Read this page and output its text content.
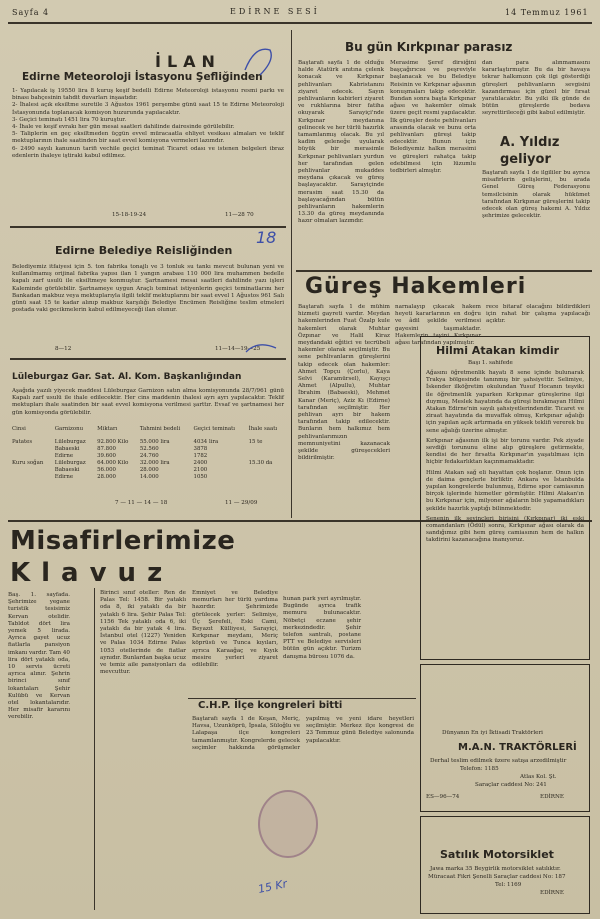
Sayfa 4	EDİRNE SESİ	14 Temmuz 1961
İLAN
Edirne Meteoroloji İstasyonu Şefliğinden
1- Yapılacak iş 19550 lira 8 kuruş keşif bedelli Edirne Meteoroloji istasyonu resmi parkı ve binası bahçesinin tahdit duvarları inşaatıdır.
2- İhalesi açık eksiltme suretile 3 Ağustos 1961 perşembe günü saat 15 te Edirne Meteoroloji İstasyonunda toplanacak komisyon huzurunda yapılacaktır.
3- Geçici teminatı 1451 lira 70 kuruştur.
4- İhale ve keşif evrakı her gün mesai saatleri dahilinde dairesinde görülebilir.
5- Taliplerin en geç eksiltmeden üçgün evvel müracaatla ehliyet vesikası almaları ve teklif mektuplarının ihale saatinden bir saat evvel komisyona vermeleri lazımdır.
6- 2490 sayılı kanunun tarifi vechile geçici teminat Ticaret odası ve istenen belgeleri ibraz edenlerin ihaleye iştiraki kabul edilmez.
15-18-19-24	11—28 70
Edirne Belediye Reisliğinden
Belediyemiz itfaiyesi için 5. ton fabrika tonajlı ve 3 tonluk su tankı mevcut bulunan yeni ve kullanılmamış orijinal fabrika yapısı ilan 1 yangın arabası 110 000 lira muhammen bedelle kapalı zarf usulü ile eksiltmeye konmuştur. Şartnamesi mesai saatleri dahilinde yazı işleri Kaleminde görülebilir. Şartnameye uygun Araçlı teminat istiyenlerin geçici teminatlarını her Bankadan makbuz veya mektuplarıyla ilgili teklif mektuplarını bir saat evvel 1 Ağustos 961 Salı günü saat 15 te kadar alınıp makbuz karşılığı Belediye Encümen Reisliğine teslim etmeleri postada vaki gecikmelerin kabul edilmeyeceği ilan olunur.
8—12	11—14—19—25
Lüleburgaz Gar. Sat. Al. Kom. Başkanlığından
Aşağıda yazılı yiyecek maddesi Lüleburgaz Garnizon satın alma komisyonunda 28/7/961 günü Kapalı zarf usulü ile ihale edilecektir. Her cins maddenin ihalesi ayrı ayrı yapılacaktır. Teklif mektupları ihale saatinden bir saat evvel komisyona verilmesi şarttır. Evsaf ve şartnamesi her gün komisyonda görülebilir.
Cinsi	Garnizonu	Miktarı	Tahmini bedeli	Geçici teminatı	İhale saatı

Patates	Lüleburgaz	92.800 Kilo	55.000 lira	4034 lira	15 te
	Babaeski	87.800	52.560	3878	
	Edirne	39.600	24.760	1782	
Kuru soğan	Lüleburgaz	64.000 Kilo	32.000 lira	2400	15.30 da
	Babaeski	56.000	28.000	2100	
	Edirne	28.000	14.000	1050	
7 — 11 — 14 — 18	11 — 29/09
Bu gün Kırkpınar parasız
Baştarafı sayfa 1 de olduğu halde Atatürk anıtına çelenk konacak ve Kırkpınar pehlivanları Kabristanını ziyaret edecek. Sayın pehlivanların kabirleri ziyaret ve rukhlarına birer fatiha okuyarak Sarayiçi'nde Kırkpınar meydanına gelinecek ve her türlü hazırlık tamamlanmış olacak. Bu yıl kadim geleneğe uyularak büyük bir merasimle Kırkpınar pehlivanları yurdun her tarafından gelen pehlivanlar mukaddes meydana çıkacak ve güreş başlayacaktır. Sarayiçinde merasim saat 15.30 da başlayacağından bütün pehlivanların hakemlerin 13.30 da güreş meydanında hazır olmaları lazımdır.
Merasime Şeref dirsiğini başçağırıcısı ve peşreviyle başlanacak ve bu Belediye Reisinin ve Kırkpınar ağasının konuşmaları takip edecektir. Bundan sonra başta Kırkpınar ağası ve hakemler olmak üzere geçit resmi yapılacaktır. İlk güreşler deste pehlivanları arasında olacak ve bunu orta pehlivanları güreşi takip edecektir. Bunun için Belediyemiz halkın merasimi ve güreşleri rahatça takip edebilmesi için lüzumlu tedbirleri almıştır.
dan para alınmamasını kararlaştırmıştır. Bu da bir havaya tekrar halkımızın çok ilgi gösterdiği güreşleri pehlivanların sevgisini kazandırması için güzel bir fırsat yaratılacaktır. Bu yılki ilk günde de bütün güreşlerde bedava seyrettirileceği gibi kabul edilmiştir.
A. Yıldız geliyor
Baştarafı sayfa 1 de ilgililer bu ayrıca misafirlerin gelişlerini, bu arada Genel Güreş Federasyonu temsilcisinin olarak hükümet tarafından Kırkpınar güreşlerini takip edecek olan güreş hakemi A. Yıldız şehrimize gelecektir.
Güreş Hakemleri
Baştarafı sayfa 1 de mühim hizmeti gayreti vardır. Meydan hakemlerinden Fuat Özalp kule hakemleri olarak Muhtar Özpınar ve Halil Kiraz meydandaki eğitici ve tecrübeli hakemler olarak seçilmiştir. Bu sene pehlivanların güreşlerini takip edecek olan hakemler: Ahmet Topçu (Çorlu), Kaya Selvi (Karamürsel), Kayışçı Ahmet (Alpullu), Muhtar İbrahim (Babaeski), Mehmet Kanar (Meriç), Aziz Kı (Edirne) tarafından seçilmiştir. Her pehlivan ayrı bir hakem tarafından takip edilecektir. Bunların hem halkımız hem pehlivanlarımızın memnuniyetini kazanacak şekilde güreşecekleri bildirilmiştir.
narnalayıp çıkacak hakem heyeti kararlarının en doğru ve âdil şekilde verilmesi gayesini taşımaktadır. Hakemlerin tayini Kırkpınar ağası tarafından yapılmıştır.
rece bitaraf olacağını bildirdikleri için rahat bir çalışma yapılacağı açıktır.
Hilmi Atakan kimdir
Başı 1. sahifede
Ağasını öğretmenlik hayatı 8 sene içinde bulunarak Trakya bölgesinde tanınmış bir şahsiyettir. Selimiye, İskender ilköğretim okulundan Yusuf Hocanın teşviki ile öğretmenlik yaparken Kırkpınar güreşlerine ilgi duymuş, Meslek hayatında da güreşi bırakmayan Hilmi Atakan Edirne'nin sayılı şahsiyetlerindendir. Ticaret ve ziraat hayatında da muvaffak olmuş, Kırkpınar ağalığı için yapılan açık artırmada en yüksek teklifi vererek bu sene ağalığı üzerine almıştır.
Kırkpınar ağasının ilk işi bir torunu vardır. Pek ziyade sevdiği torununu eline alıp güreşlere getirmekte, kendisi de her fırsatta Kırkpınar'ın yaşatılması için hiçbir fedakarlıktan kaçınmamaktadır.
Hilmi Atakan sağ eli hayattan çok hoşlanır. Onun için de daima gençlerle birliktir. Ankara ve İstanbulda yapılan kongrelerde bulunmuş, Edirne spor camiasının birçok işlerinde hizmetler görmüştür. Hilmi Atakan'ın bu Kırkpınar için, milyoner ağaların bile yapamadıkları şekilde hazırlık yaptığı bilinmektedir.
Senenin ilk sevinçleri birisini (Kırkpınar) iki eski comandanları (Ödül) sonra, Kırkpınar ağası olarak da sandığımız gibi hem güreş camiasının hem de halkın takdirini kazanacağına inanıyoruz.
Misafirlerimize
Klavuz
Baş. 1. sayfada. Şehrimize yegane turistik tesisimiz Kervan otelidir. Tabldot dört lira yemek 5 lirada. Ayrıca gayet ucuz fiatlarla pansiyon imkanı vardır. Tam 40 lira dört yataklı oda, 10 servis ücreti ayrıca alınır. Şehrin birinci sınıf lokantaları Şehir Kulübü ve Kervan otel lokantalarıdır. Her misafir kararını verebilir.
Birinci sınıf oteller: Ren de Palas Tel: 1458. Bir yataklı oda 8, iki yataklı da bir yataklı 6 lira. Şehir Palas Tel: 1156 Tek yataklı oda 6, iki yataklı da bir yatak 4 lira. İstanbul otel (1227) Yeniden ve Palas 1034 Edirne Palas 1053 otellerinde de fiatlar aynıdır. Bunlardan başka ucuz ve temiz aile pansiyonları da mevcuttur.
Emniyet ve Belediye memurları her türlü yardıma hazırdır. Şehrimizde görülecek yerler: Selimiye, Üç Şerefeli, Eski Cami, Beyazıt Külliyesi, Sarayiçi, Kırkpınar meydanı, Meriç köprüsü ve Tunca kıyıları, ayrıca Karaağaç ve Kıyık mesire yerleri ziyaret edilebilir.
hunan park yeri ayrılmıştır. Bugünde ayrıca trafik memuru bulunacaktır. Nöbetçi eczane şehir merkezindedir. Şehir telefon santralı, postane PTT ve Belediye servisleri bütün gün açıktır. Turizm danışma bürosu 1076 da.
C.H.P. İlçe kongreleri bitti
Baştarafı sayfa 1 de Keşan, Meriç, Havsa, Uzunköprü, İpsala, Süloğlu ve Lalapaşa ilçe kongreleri tamamlanmıştır. Kongrelerde gelecek seçimler hakkında görüşmeler yapılmış ve yeni idare heyetleri seçilmiştir. Merkez ilçe kongresi de 23 Temmuz günü Belediye salonunda yapılacaktır.
Dünyanın En iyi İktisadi Traktörleri
M.A.N. TRAKTÖRLERİ
Derhal teslim edilmek üzere satışa arzedilmiştir
Telefon: 1185
Atlas Kol. Şt.
Saraçlar caddesi No: 241
ES—96—74	EDİRNE
Satılık Motorsiklet
Jawa marka 35 Beygirlik motorsiklet satılıktır.
Müracaat Fikri Şenelli Saraçlar caddesi No: 187
Tel: 1169
EDİRNE
18
15 Kr
